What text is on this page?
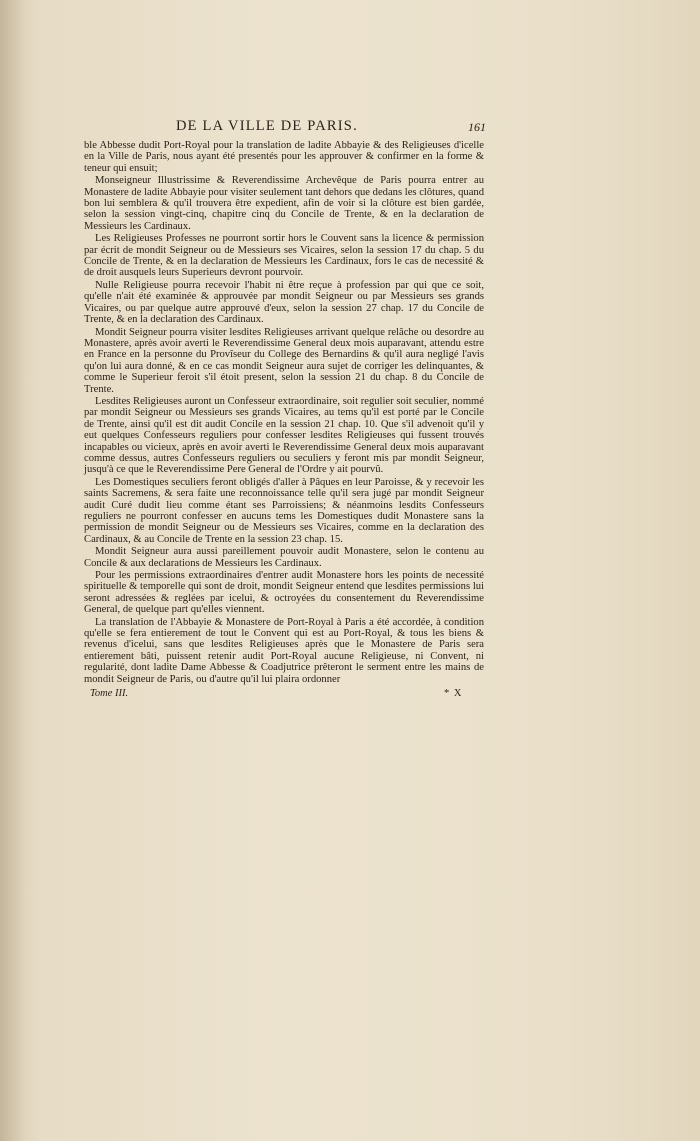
DE LA VILLE DE PARIS.	161

ble Abbesse dudit Port-Royal pour la translation de ladite Abbayie & des Religieuses d'icelle en la Ville de Paris, nous ayant été presentés pour les approuver & confirmer en la forme & teneur qui ensuit;

Monseigneur Illustrissime & Reverendissime Archevêque de Paris pourra entrer au Monastere de ladite Abbayie pour visiter seulement tant dehors que dedans les clôtures, quand bon lui semblera & qu'il trouvera être expedient, afin de voir si la clôture est bien gardée, selon la session vingt-cinq, chapitre cinq du Concile de Trente, & en la declaration de Messieurs les Cardinaux.

Les Religieuses Professes ne pourront sortir hors le Couvent sans la licence & permission par écrit de mondit Seigneur ou de Messieurs ses Vicaires, selon la session 17 du chap. 5 du Concile de Trente, & en la declaration de Messieurs les Cardinaux, fors le cas de necessité & de droit ausquels leurs Superieurs devront pourvoir.

Nulle Religieuse pourra recevoir l'habit ni être reçue à profession par qui que ce soit, qu'elle n'ait été examinée & approuvée par mondit Seigneur ou par Messieurs ses grands Vicaires, ou par quelque autre approuvé d'eux, selon la session 27 chap. 17 du Concile de Trente, & en la declaration des Cardinaux.

Mondit Seigneur pourra visiter lesdites Religieuses arrivant quelque relâche ou desordre au Monastere, après avoir averti le Reverendissime General deux mois auparavant, attendu estre en France en la personne du Provîseur du College des Bernardins & qu'il aura negligé l'avis qu'on lui aura donné, & en ce cas mondit Seigneur aura sujet de corriger les delinquantes, & comme le Superieur feroit s'il étoit present, selon la session 21 du chap. 8 du Concile de Trente.

Lesdites Religieuses auront un Confesseur extraordinaire, soit regulier soit seculier, nommé par mondit Seigneur ou Messieurs ses grands Vicaires, au tems qu'il est porté par le Concile de Trente, ainsi qu'il est dit audit Concile en la session 21 chap. 10. Que s'il advenoit qu'il y eut quelques Confesseurs reguliers pour confesser lesdites Religieuses qui fussent trouvés incapables ou vicieux, après en avoir averti le Reverendissime General deux mois auparavant comme dessus, autres Confesseurs reguliers ou seculiers y feront mis par mondit Seigneur, jusqu'à ce que le Reverendissime Pere General de l'Ordre y ait pourvû.

Les Domestiques seculiers feront obligés d'aller à Pâques en leur Paroisse, & y recevoir les saints Sacremens, & sera faite une reconnoissance telle qu'il sera jugé par mondit Seigneur audit Curé dudit lieu comme étant ses Parroissiens; & néanmoins lesdits Confesseurs reguliers ne pourront confesser en aucuns tems les Domestiques dudit Monastere sans la permission de mondit Seigneur ou de Messieurs ses Vicaires, comme en la declaration des Cardinaux, & au Concile de Trente en la session 23 chap. 15.

Mondit Seigneur aura aussi pareillement pouvoir audit Monastere, selon le contenu au Concile & aux declarations de Messieurs les Cardinaux.

Pour les permissions extraordinaires d'entrer audit Monastere hors les points de necessité spirituelle & temporelle qui sont de droit, mondit Seigneur entend que lesdites permissions lui seront adressées & reglées par icelui, & octroyées du consentement du Reverendissime General, de quelque part qu'elles viennent.

La translation de l'Abbayie & Monastere de Port-Royal à Paris a été accordée, à condition qu'elle se fera entierement de tout le Convent qui est au Port-Royal, & tous les biens & revenus d'icelui, sans que lesdites Religieuses après que le Monastere de Paris sera entierement bâti, puissent retenir audit Port-Royal aucune Religieuse, ni Convent, ni regularité, dont ladite Dame Abbesse & Coadjutrice prêteront le serment entre les mains de mondit Seigneur de Paris, ou d'autre qu'il lui plaira ordonner

Tome III.	* X
